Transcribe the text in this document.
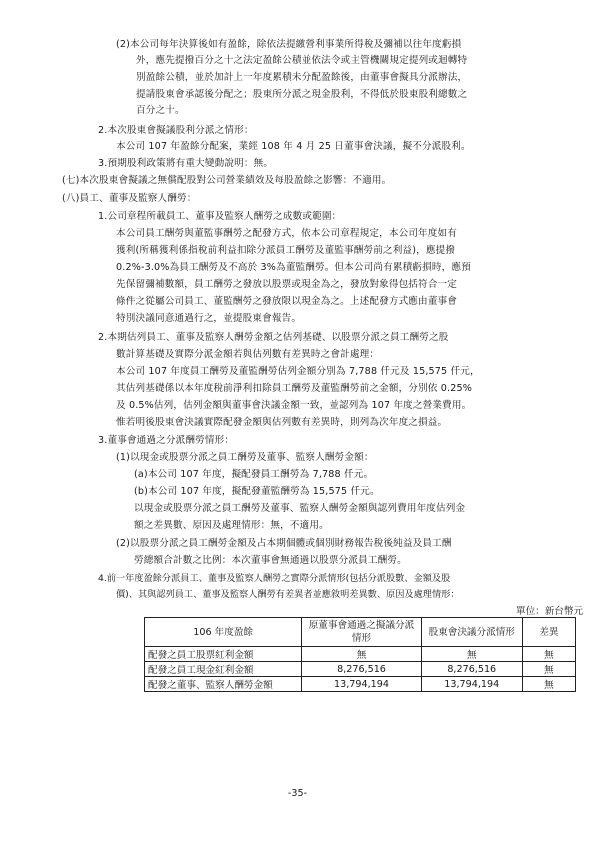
(2)本公司每年決算後如有盈餘，除依法提繳營利事業所得稅及彌補以往年度虧損
外，應先提撥百分之十之法定盈餘公積並依法令或主管機關規定提列或迴轉特
別盈餘公積，並於加計上一年度累積未分配盈餘後，由董事會擬具分派辦法，
提請股東會承認後分配之；股東所分派之現金股利，不得低於股東股利總數之
百分之十。
2.本次股東會擬議股利分派之情形：
本公司 107 年盈餘分配案，業經 108 年 4 月 25 日董事會決議，擬不分派股利。
3.預期股利政策將有重大變動說明：無。
(七)本次股東會擬議之無償配股對公司營業績效及每股盈餘之影響：不適用。
(八)員工、董事及監察人酬勞：
1.公司章程所載員工、董事及監察人酬勞之成數或範圍：
本公司員工酬勞與董監事酬勞之配發方式，依本公司章程規定，本公司年度如有
獲利(所稱獲利係指稅前利益扣除分派員工酬勞及董監事酬勞前之利益)，應提撥
0.2%-3.0%為員工酬勞及不高於 3%為董監酬勞。但本公司尚有累積虧損時，應預
先保留彌補數額，員工酬勞之發放以股票或現金為之，發放對象得包括符合一定
條件之從屬公司員工、董監酬勞之發放限以現金為之。上述配發方式應由董事會
特別決議同意通過行之，並提股東會報告。
2.本期估列員工、董事及監察人酬勞金額之估列基礎、以股票分派之員工酬勞之股
數計算基礎及實際分派金額若與估列數有差異時之會計處理：
本公司 107 年度員工酬勞及董監酬勞估列金額分別為 7,788 仟元及 15,575 仟元，
其估列基礎係以本年度稅前淨利扣除員工酬勞及董監酬勞前之金額，分別依 0.25%
及 0.5%估列，估列金額與董事會決議金額一致，並認列為 107 年度之營業費用。
惟若明後股東會決議實際配發金額與估列數有差異時，則列為次年度之損益。
3.董事會通過之分派酬勞情形：
(1)以現金或股票分派之員工酬勞及董事、監察人酬勞金額：
(a)本公司 107 年度，擬配發員工酬勞為 7,788 仟元。
(b)本公司 107 年度，擬配發董監酬勞為 15,575 仟元。
以現金或股票分派之員工酬勞及董事、監察人酬勞金額與認列費用年度估列金
額之差異數、原因及處理情形：無，不適用。
(2)以股票分派之員工酬勞金額及占本期個體或個別財務報告稅後純益及員工酬
勞總額合計數之比例：本次董事會無通過以股票分派員工酬勞。
4.前一年度盈餘分派員工、董事及監察人酬勞之實際分派情形(包括分派股數、金額及股
價)、其與認列員工、董事及監察人酬勞有差異者並應敘明差異數、原因及處理情形：
單位：新台幣元
106 年度盈餘	原董事會通過之擬議分派情形	股東會決議分派情形	差異
配發之員工股票紅利金額	無	無	無
配發之員工現金紅利金額	8,276,516	8,276,516	無
配發之董事、監察人酬勞金額	13,794,194	13,794,194	無
-35-
